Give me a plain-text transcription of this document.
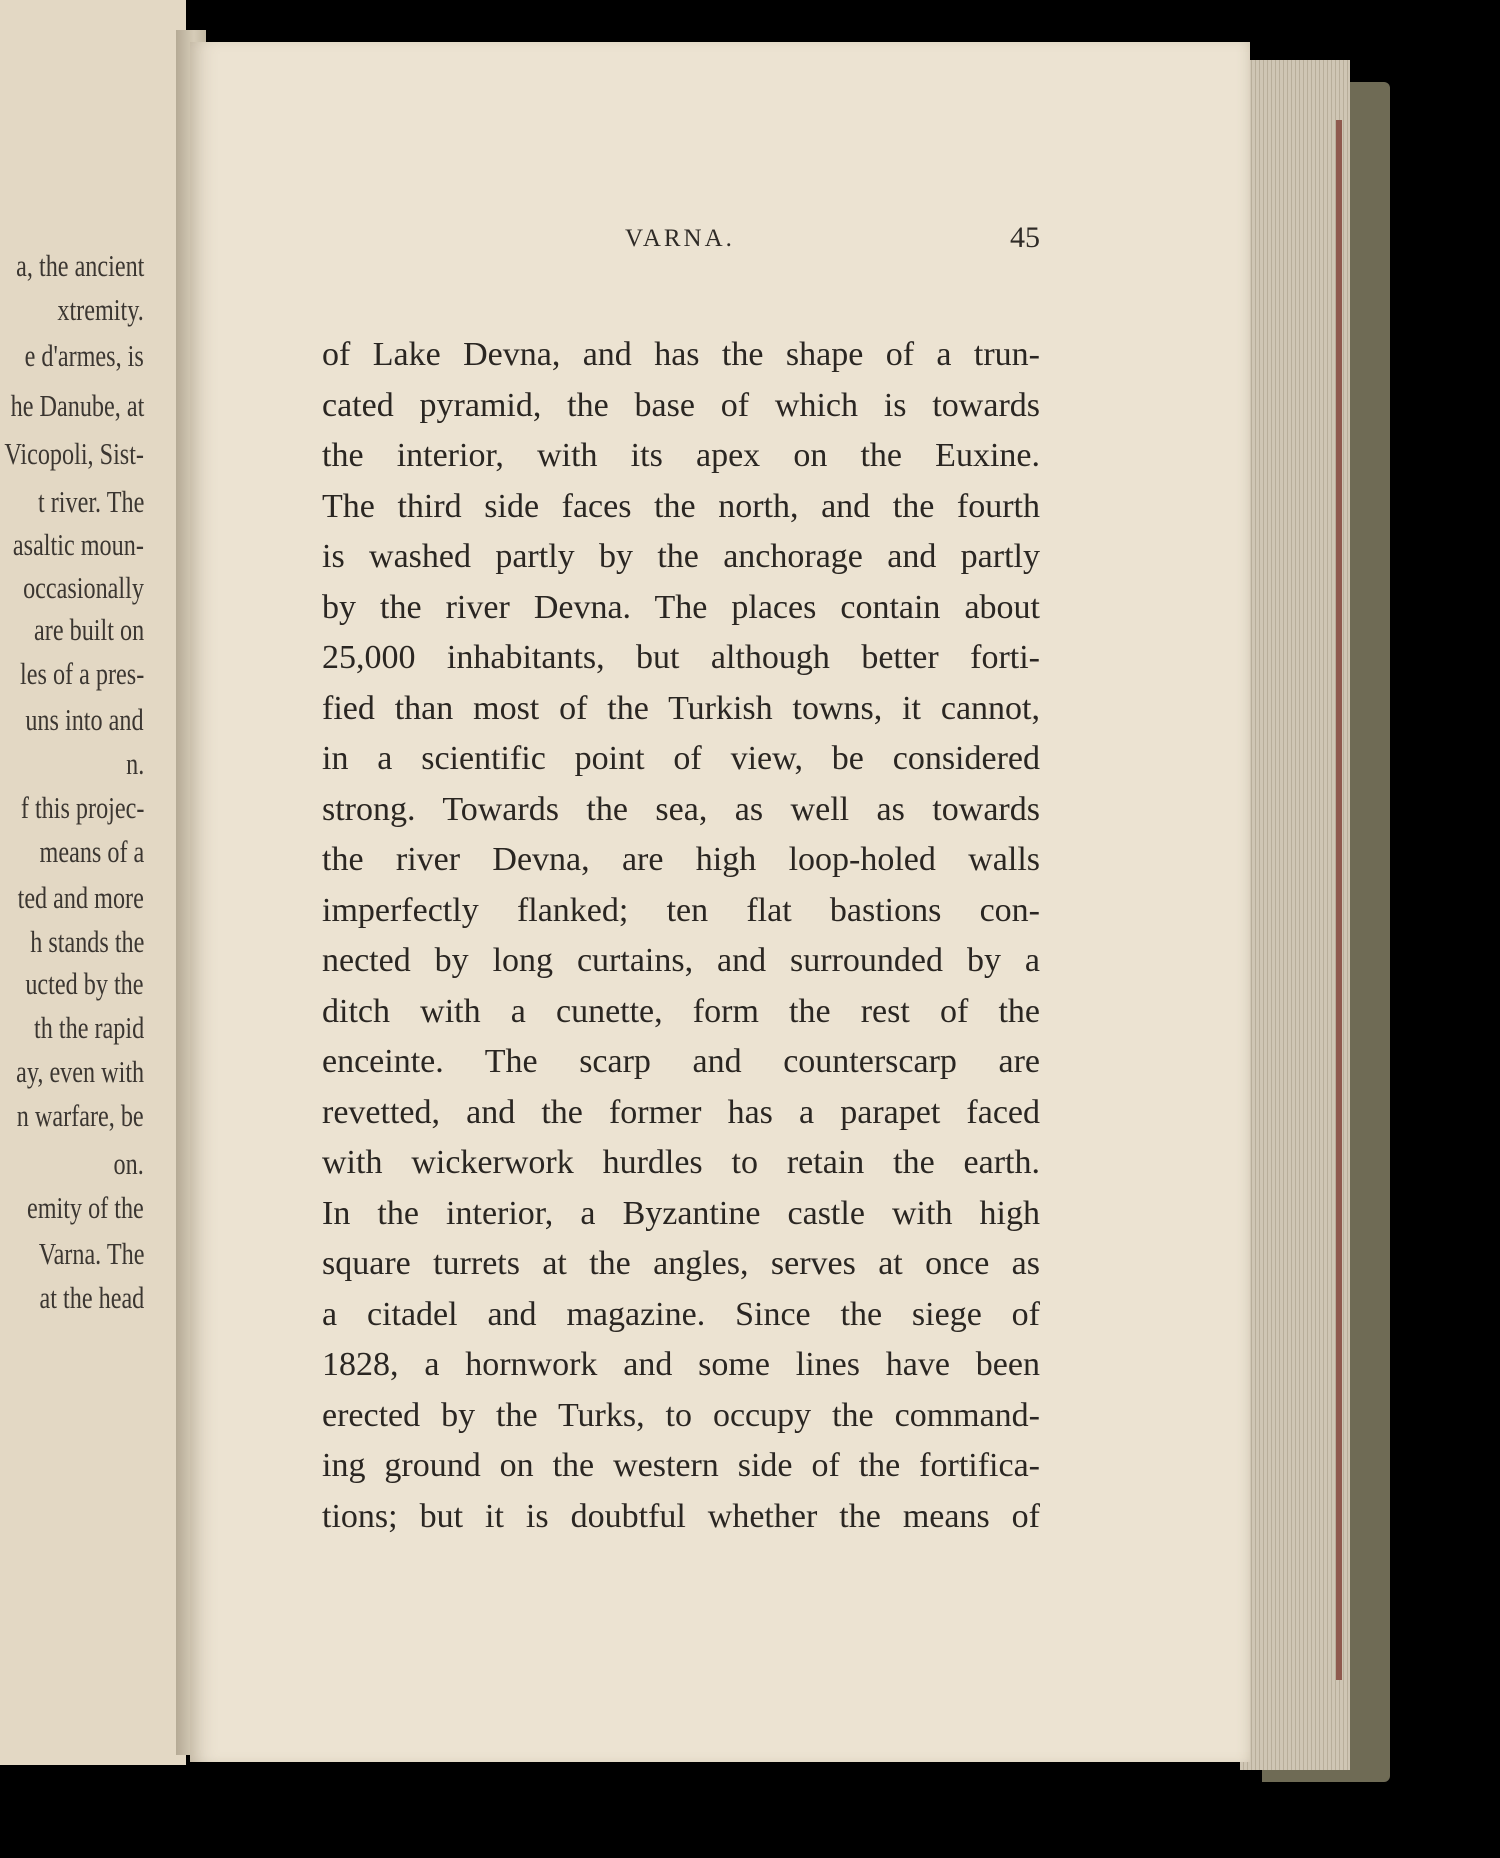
a, the ancient
xtremity.
e d'armes, is
he Danube, at
Vicopoli, Sist-
t river. The
asaltic moun-
occasionally
are built on
les of a pres-
uns into and
n.
f this projec-
means of a
ted and more
h stands the
ucted by the
th the rapid
ay, even with
n warfare, be
on.
emity of the
Varna. The
at the head
VARNA.	45
of Lake Devna, and has the shape of a trun-
cated pyramid, the base of which is towards
the interior, with its apex on the Euxine.
The third side faces the north, and the fourth
is washed partly by the anchorage and partly
by the river Devna. The places contain about
25,000 inhabitants, but although better forti-
fied than most of the Turkish towns, it cannot,
in a scientific point of view, be considered
strong. Towards the sea, as well as towards
the river Devna, are high loop-holed walls
imperfectly flanked; ten flat bastions con-
nected by long curtains, and surrounded by a
ditch with a cunette, form the rest of the
enceinte. The scarp and counterscarp are
revetted, and the former has a parapet faced
with wickerwork hurdles to retain the earth.
In the interior, a Byzantine castle with high
square turrets at the angles, serves at once as
a citadel and magazine. Since the siege of
1828, a hornwork and some lines have been
erected by the Turks, to occupy the command-
ing ground on the western side of the fortifica-
tions; but it is doubtful whether the means of
